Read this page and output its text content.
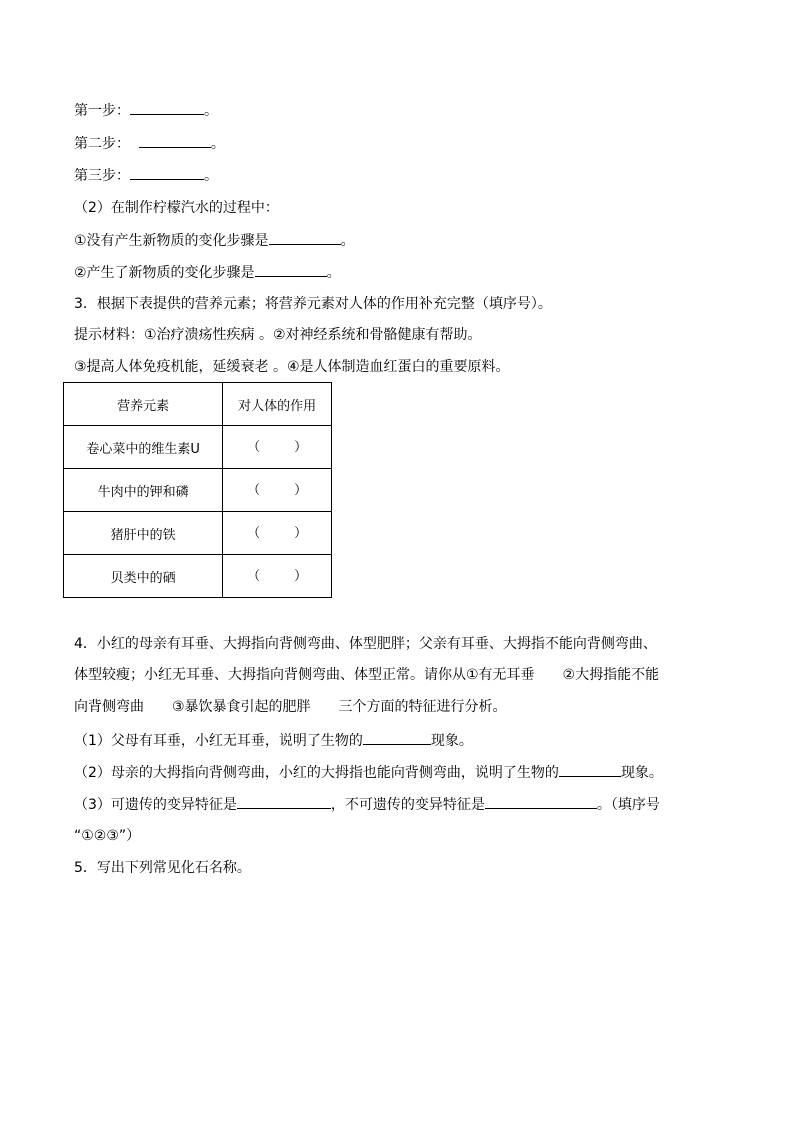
第一步：	。
第二步：	。
第三步：	。
（2）在制作柠檬汽水的过程中：
①没有产生新物质的变化步骤是	。
②产生了新物质的变化步骤是	。
3．根据下表提供的营养元素；将营养元素对人体的作用补充完整（填序号）。
提示材料：①治疗溃疡性疾病 。②对神经系统和骨骼健康有帮助。
③提高人体免疫机能，延缓衰老 。④是人体制造血红蛋白的重要原料。
营养元素	对人体的作用
卷心菜中的维生素U	（ ）

牛肉中的钾和磷	（ ）

猪肝中的铁	（ ）

贝类中的硒	（ ）
4．小红的母亲有耳垂、大拇指向背侧弯曲、体型肥胖；父亲有耳垂、大拇指不能向背侧弯曲、
体型较瘦；小红无耳垂、大拇指向背侧弯曲、体型正常。请你从①有无耳垂　　②大拇指能不能
向背侧弯曲　　③暴饮暴食引起的肥胖　　三个方面的特征进行分析。
（1）父母有耳垂，小红无耳垂，说明了生物的	现象。
（2）母亲的大拇指向背侧弯曲，小红的大拇指也能向背侧弯曲，说明了生物的	现象。
（3）可遗传的变异特征是	，不可遗传的变异特征是	。（填序号
“①②③”）
5．写出下列常见化石名称。
